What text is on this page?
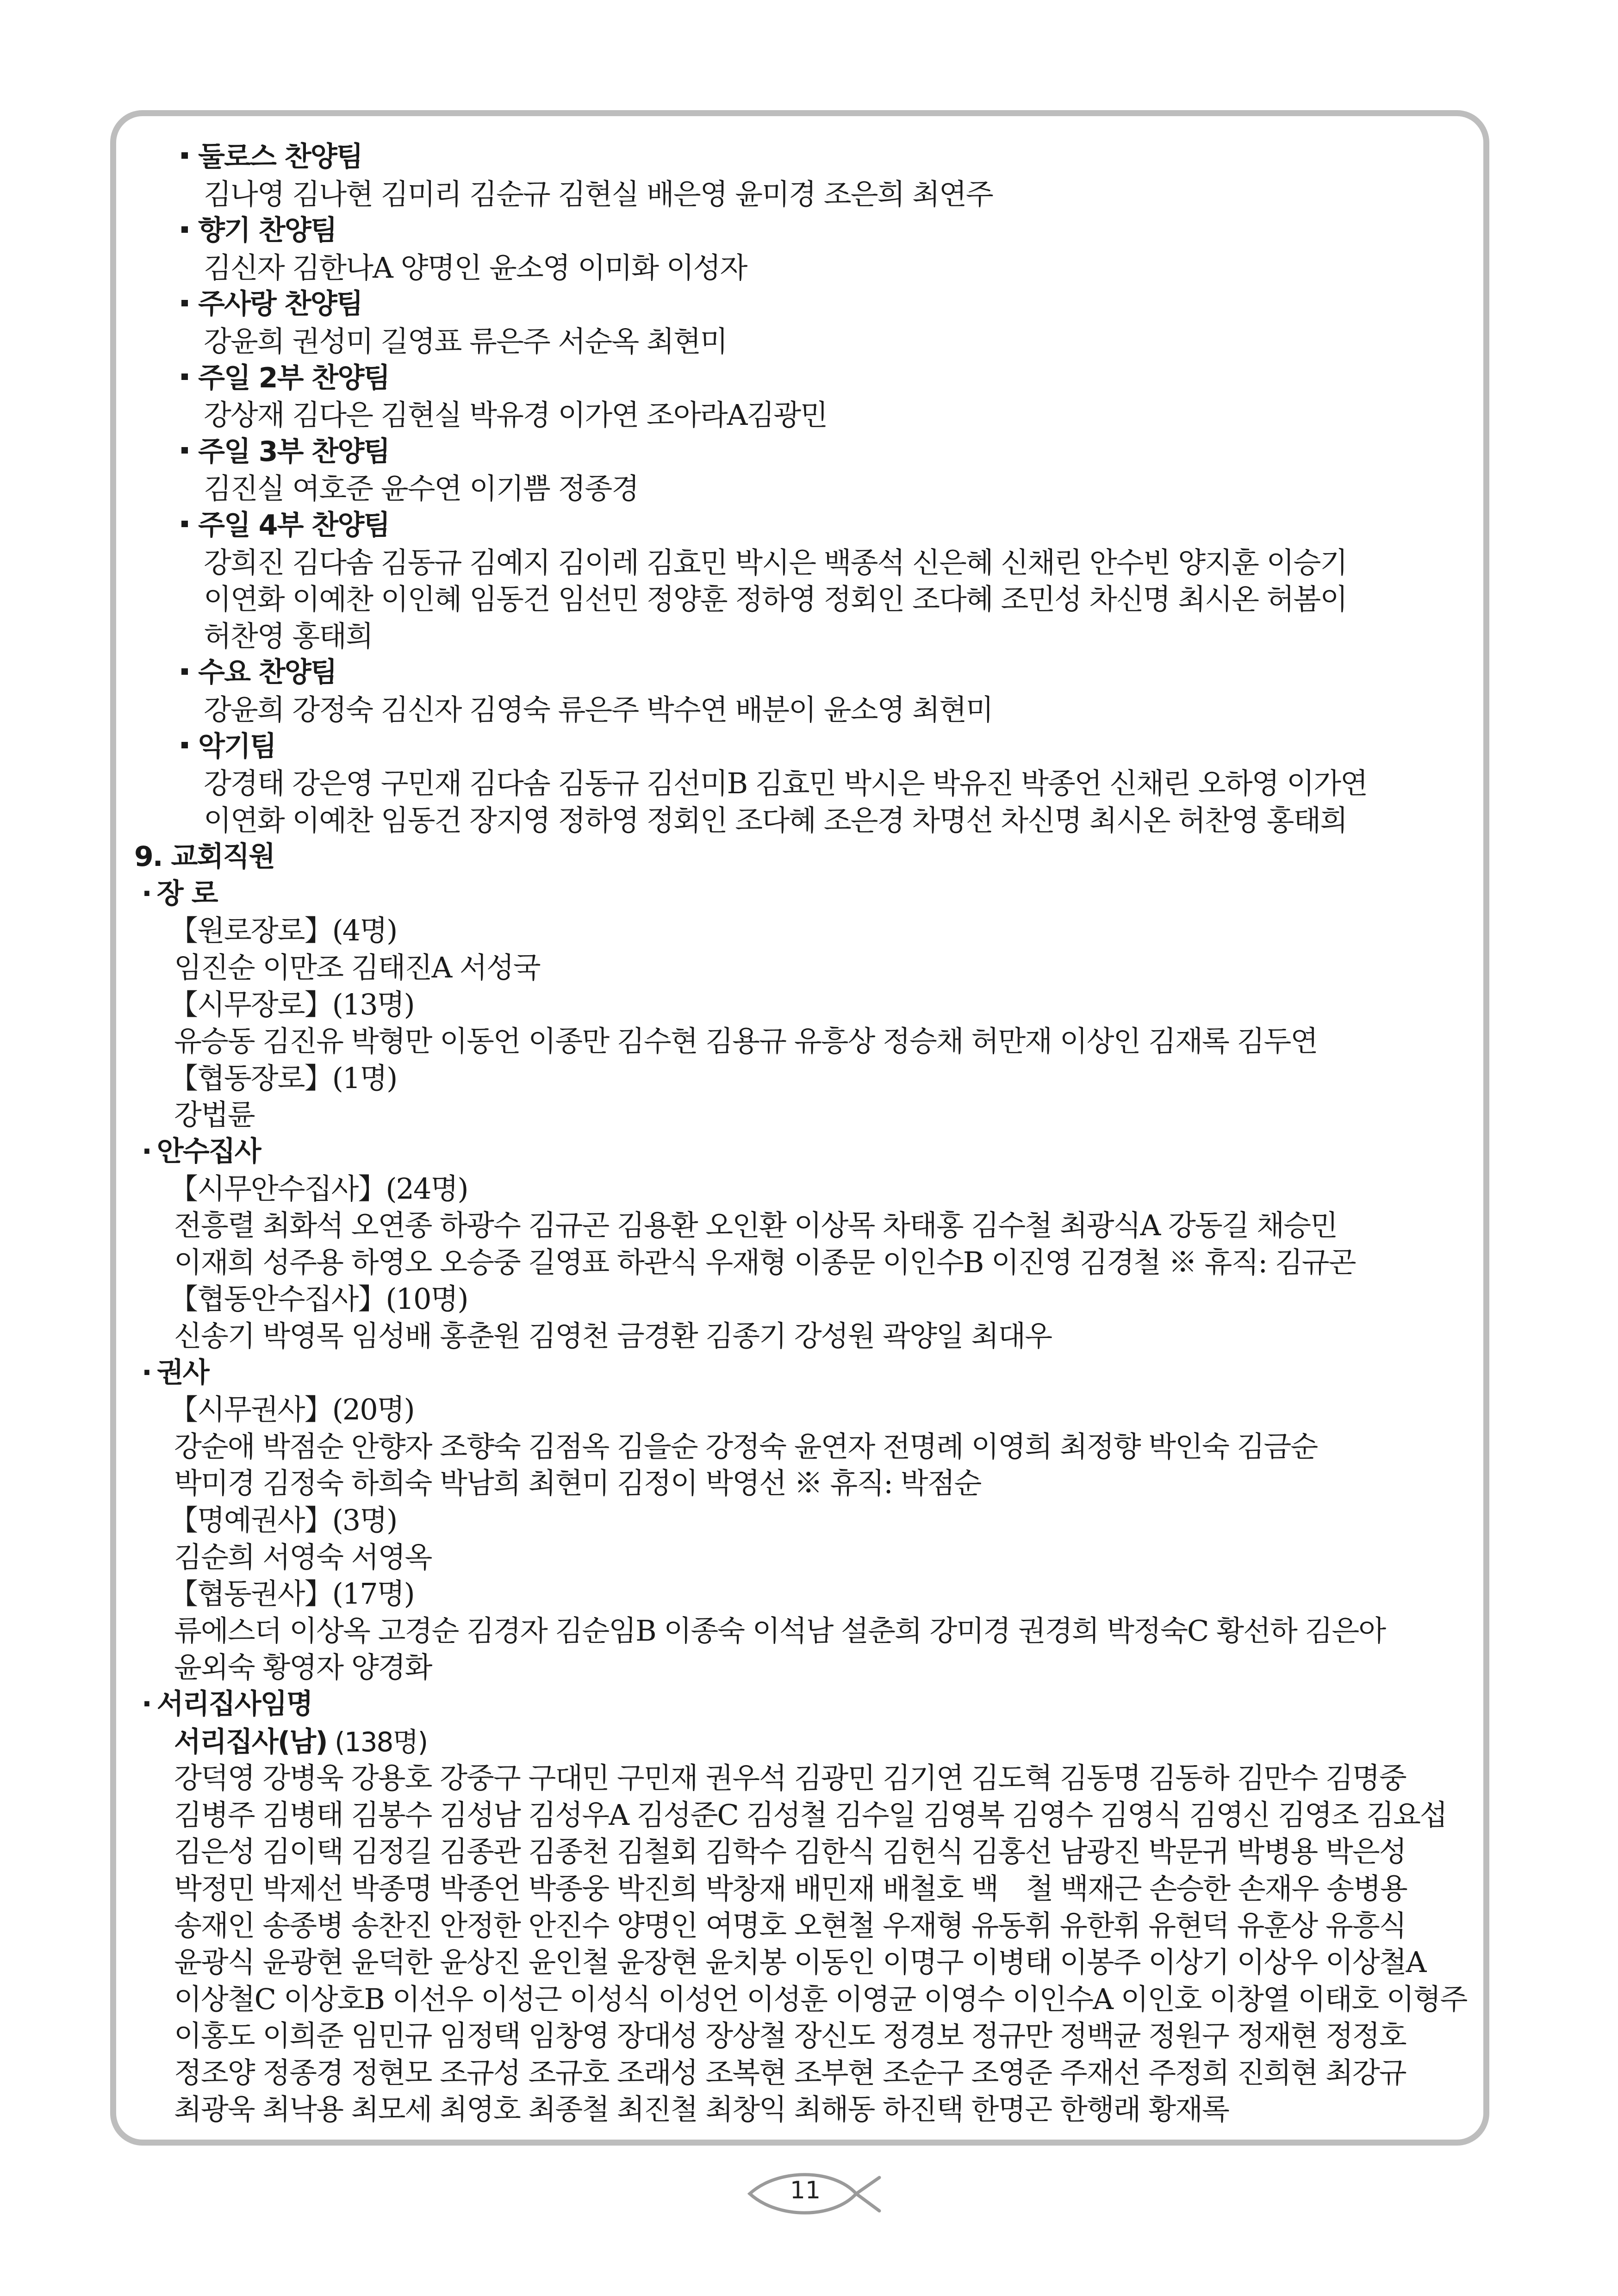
둘로스 찬양팀
김나영 김나현 김미리 김순규 김현실 배은영 윤미경 조은희 최연주
향기 찬양팀
김신자 김한나A 양명인 윤소영 이미화 이성자
주사랑 찬양팀
강윤희 권성미 길영표 류은주 서순옥 최현미
주일 2부 찬양팀
강상재 김다은 김현실 박유경 이가연 조아라A김광민
주일 3부 찬양팀
김진실 여호준 윤수연 이기쁨 정종경
주일 4부 찬양팀
강희진 김다솜 김동규 김예지 김이레 김효민 박시은 백종석 신은혜 신채린 안수빈 양지훈 이승기
이연화 이예찬 이인혜 임동건 임선민 정양훈 정하영 정회인 조다혜 조민성 차신명 최시온 허봄이
허찬영 홍태희
수요 찬양팀
강윤희 강정숙 김신자 김영숙 류은주 박수연 배분이 윤소영 최현미
악기팀
강경태 강은영 구민재 김다솜 김동규 김선미B 김효민 박시은 박유진 박종언 신채린 오하영 이가연
이연화 이예찬 임동건 장지영 정하영 정회인 조다혜 조은경 차명선 차신명 최시온 허찬영 홍태희
9. 교회직원
· 장 로
【원로장로】(4명)
임진순 이만조 김태진A 서성국
【시무장로】(13명)
유승동 김진유 박형만 이동언 이종만 김수현 김용규 유흥상 정승채 허만재 이상인 김재록 김두연
【협동장로】(1명)
강법륜
· 안수집사
【시무안수집사】(24명)
전흥렬 최화석 오연종 하광수 김규곤 김용환 오인환 이상목 차태홍 김수철 최광식A 강동길 채승민
이재희 성주용 하영오 오승중 길영표 하관식 우재형 이종문 이인수B 이진영 김경철 ※ 휴직: 김규곤
【협동안수집사】(10명)
신송기 박영목 임성배 홍춘원 김영천 금경환 김종기 강성원 곽양일 최대우
· 권사
【시무권사】(20명)
강순애 박점순 안향자 조향숙 김점옥 김을순 강정숙 윤연자 전명례 이영희 최정향 박인숙 김금순
박미경 김정숙 하희숙 박남희 최현미 김정이 박영선 ※ 휴직: 박점순
【명예권사】(3명)
김순희 서영숙 서영옥
【협동권사】(17명)
류에스더 이상옥 고경순 김경자 김순임B 이종숙 이석남 설춘희 강미경 권경희 박정숙C 황선하 김은아
윤외숙 황영자 양경화
· 서리집사임명
서리집사(남) (138명)
강덕영 강병욱 강용호 강중구 구대민 구민재 권우석 김광민 김기연 김도혁 김동명 김동하 김만수 김명중
김병주 김병태 김봉수 김성남 김성우A 김성준C 김성철 김수일 김영복 김영수 김영식 김영신 김영조 김요섭
김은성 김이택 김정길 김종관 김종천 김철회 김학수 김한식 김헌식 김홍선 남광진 박문귀 박병용 박은성
박정민 박제선 박종명 박종언 박종웅 박진희 박창재 배민재 배철호 백　철 백재근 손승한 손재우 송병용
송재인 송종병 송찬진 안정한 안진수 양명인 여명호 오현철 우재형 유동휘 유한휘 유현덕 유훈상 유흥식
윤광식 윤광현 윤덕한 윤상진 윤인철 윤장현 윤치봉 이동인 이명구 이병태 이봉주 이상기 이상우 이상철A
이상철C 이상호B 이선우 이성근 이성식 이성언 이성훈 이영균 이영수 이인수A 이인호 이창열 이태호 이형주
이홍도 이희준 임민규 임정택 임창영 장대성 장상철 장신도 정경보 정규만 정백균 정원구 정재현 정정호
정조양 정종경 정현모 조규성 조규호 조래성 조복현 조부현 조순구 조영준 주재선 주정희 진희현 최강규
최광욱 최낙용 최모세 최영호 최종철 최진철 최창익 최해동 하진택 한명곤 한행래 황재록
11
